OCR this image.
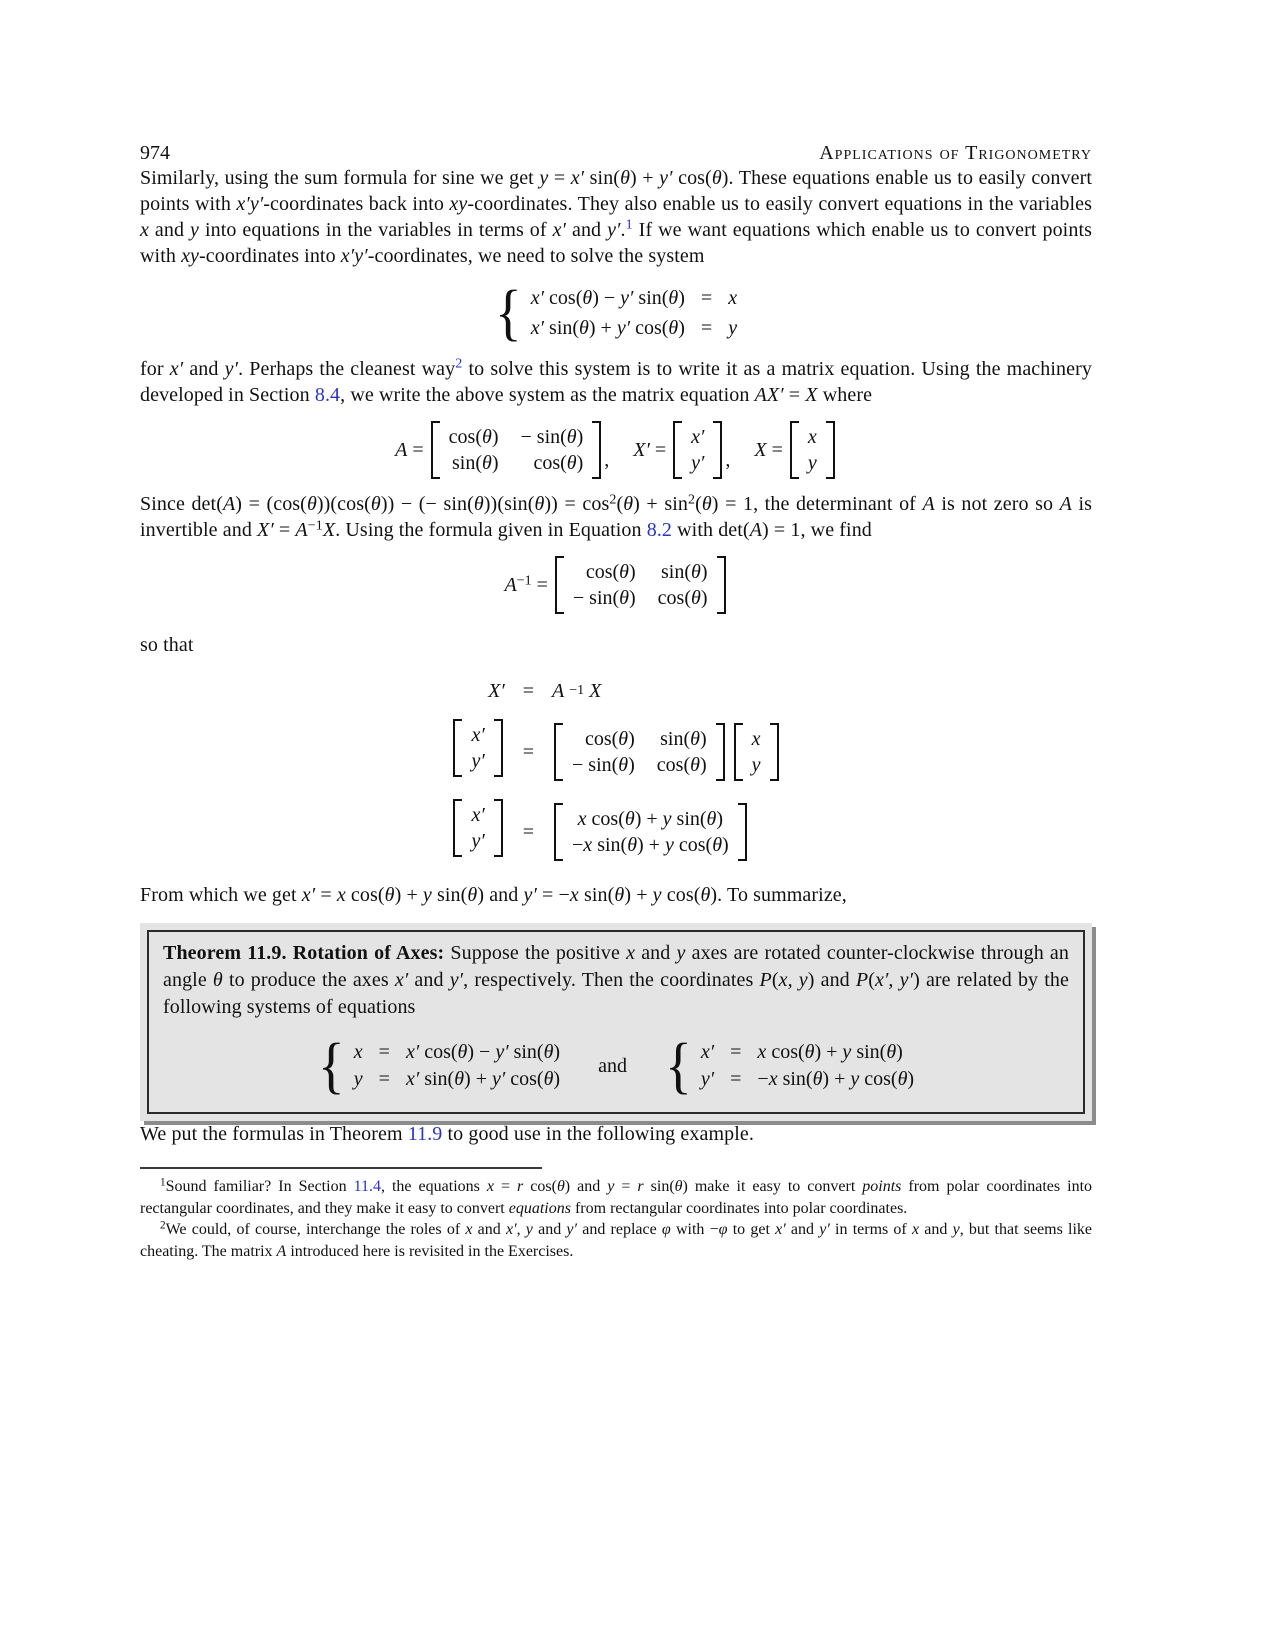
974	Applications of Trigonometry

Similarly, using the sum formula for sine we get y = x′ sin(θ) + y′ cos(θ). These equations enable us to easily convert points with x′y′-coordinates back into xy-coordinates. They also enable us to easily convert equations in the variables x and y into equations in the variables in terms of x′ and y′.$^1$ If we want equations which enable us to convert points with xy-coordinates into x′y′-coordinates, we need to solve the system

{ x′ cos(θ) − y′ sin(θ) = x
x′ sin(θ) + y′ cos(θ) = y

for x′ and y′. Perhaps the cleanest way$^2$ to solve this system is to write it as a matrix equation. Using the machinery developed in Section 8.4, we write the above system as the matrix equation AX′ = X where

A =
cos(θ) − sin(θ)
sin(θ) cos(θ) , X′ =
x′
y′ , X =
x
y

Since det(A) = (cos(θ))(cos(θ)) − (− $\sin(\theta))(\sin(\theta)) = \cos^2(\theta) + \sin^2(\theta) = 1$, the determinant of A is not zero so A is invertible and $X' = A^{-1}X$. Using the formula given in Equation 8.2 with det(A) = 1, we find

$A^{-1}$ =
cos(θ) sin(θ)
− sin(θ) cos(θ)

so that

X′ = A −1 X
x′
y′ =
cos(θ) sin(θ)
− sin(θ) cos(θ)
x
y
x′
y′ =
x cos(θ) + y sin(θ)
−x sin(θ) + y cos(θ)

From which we get x′ = x cos(θ) + y sin(θ) and y′ = −x sin(θ) + y cos(θ). To summarize,

Theorem 11.9. Rotation of Axes: Suppose the positive x and y axes are rotated counter-clockwise through an angle θ to produce the axes x′ and y′, respectively. Then the coordinates P(x, y) and P(x′, y′) are related by the following systems of equations
{ x = x′ cos(θ) − y′ sin(θ)
y = x′ sin(θ) + y′ cos(θ)
and { x′ = x cos(θ) + y sin(θ)
y′ = −x sin(θ) + y cos(θ)

We put the formulas in Theorem 11.9 to good use in the following example.

$^1$Sound familiar? In Section 11.4, the equations x = r cos(θ) and y = r sin(θ) make it easy to convert points from polar coordinates into rectangular coordinates, and they make it easy to convert equations from rectangular coordinates into polar coordinates.

$^2$We could, of course, interchange the roles of x and x′, y and y′ and replace φ with −φ to get x′ and y′ in terms of x and y, but that seems like cheating. The matrix A introduced here is revisited in the Exercises.
